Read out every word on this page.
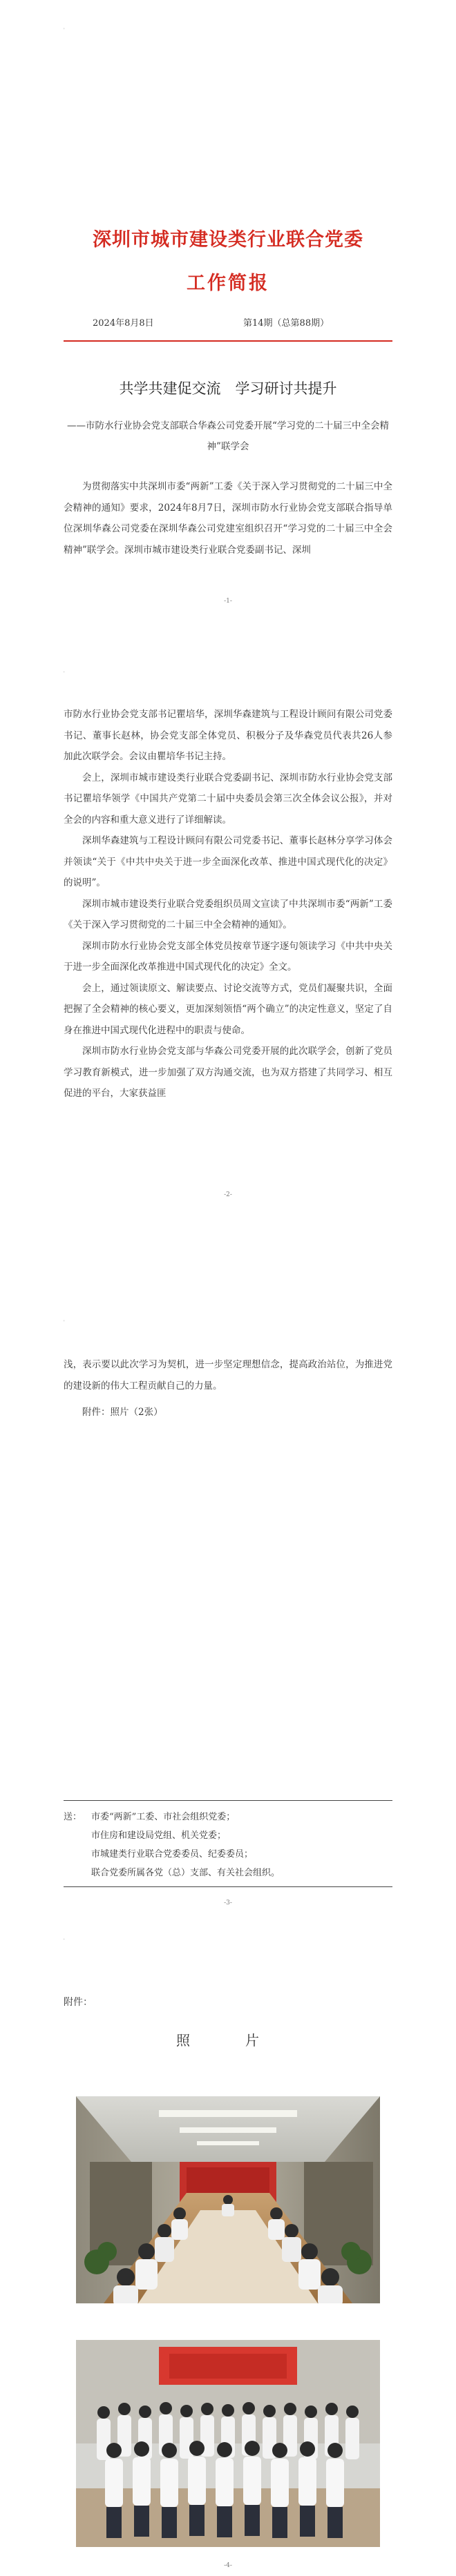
'
深圳市城市建设类行业联合党委
工作简报
2024年8月8日	第14期（总第88期）
共学共建促交流　学习研讨共提升
——市防水行业协会党支部联合华森公司党委开展“学习党的二十届三中全会精神”联学会

为贯彻落实中共深圳市委“两新”工委《关于深入学习贯彻党的二十届三中全会精神的通知》要求，2024年8月7日，深圳市防水行业协会党支部联合指导单位深圳华森公司党委在深圳华森公司党建室组织召开“学习党的二十届三中全会精神”联学会。深圳市城市建设类行业联合党委副书记、深圳

-1-
'

市防水行业协会党支部书记瞿培华，深圳华森建筑与工程设计顾问有限公司党委书记、董事长赵林，协会党支部全体党员、积极分子及华森党员代表共26人参加此次联学会。会议由瞿培华书记主持。

会上，深圳市城市建设类行业联合党委副书记、深圳市防水行业协会党支部书记瞿培华领学《中国共产党第二十届中央委员会第三次全体会议公报》，并对全会的内容和重大意义进行了详细解读。

深圳华森建筑与工程设计顾问有限公司党委书记、董事长赵林分享学习体会并领读“关于《中共中央关于进一步全面深化改革、推进中国式现代化的决定》的说明”。

深圳市城市建设类行业联合党委组织员周文宣读了中共深圳市委“两新”工委《关于深入学习贯彻党的二十届三中全会精神的通知》。

深圳市防水行业协会党支部全体党员按章节逐字逐句领读学习《中共中央关于进一步全面深化改革推进中国式现代化的决定》全文。

会上，通过领读原文、解读要点、讨论交流等方式，党员们凝聚共识，全面把握了全会精神的核心要义，更加深刻领悟“两个确立”的决定性意义，坚定了自身在推进中国式现代化进程中的职责与使命。

深圳市防水行业协会党支部与华森公司党委开展的此次联学会，创新了党员学习教育新模式，进一步加强了双方沟通交流，也为双方搭建了共同学习、相互促进的平台，大家获益匪

-2-
'

浅，表示要以此次学习为契机，进一步坚定理想信念，提高政治站位，为推进党的建设新的伟大工程贡献自己的力量。

附件：照片（2张）

送：	市委“两新”工委、市社会组织党委；
市住房和建设局党组、机关党委；
市城建类行业联合党委委员、纪委委员；
联合党委所属各党（总）支部、有关社会组织。
-3-
附件：
照　片
-4-
'
